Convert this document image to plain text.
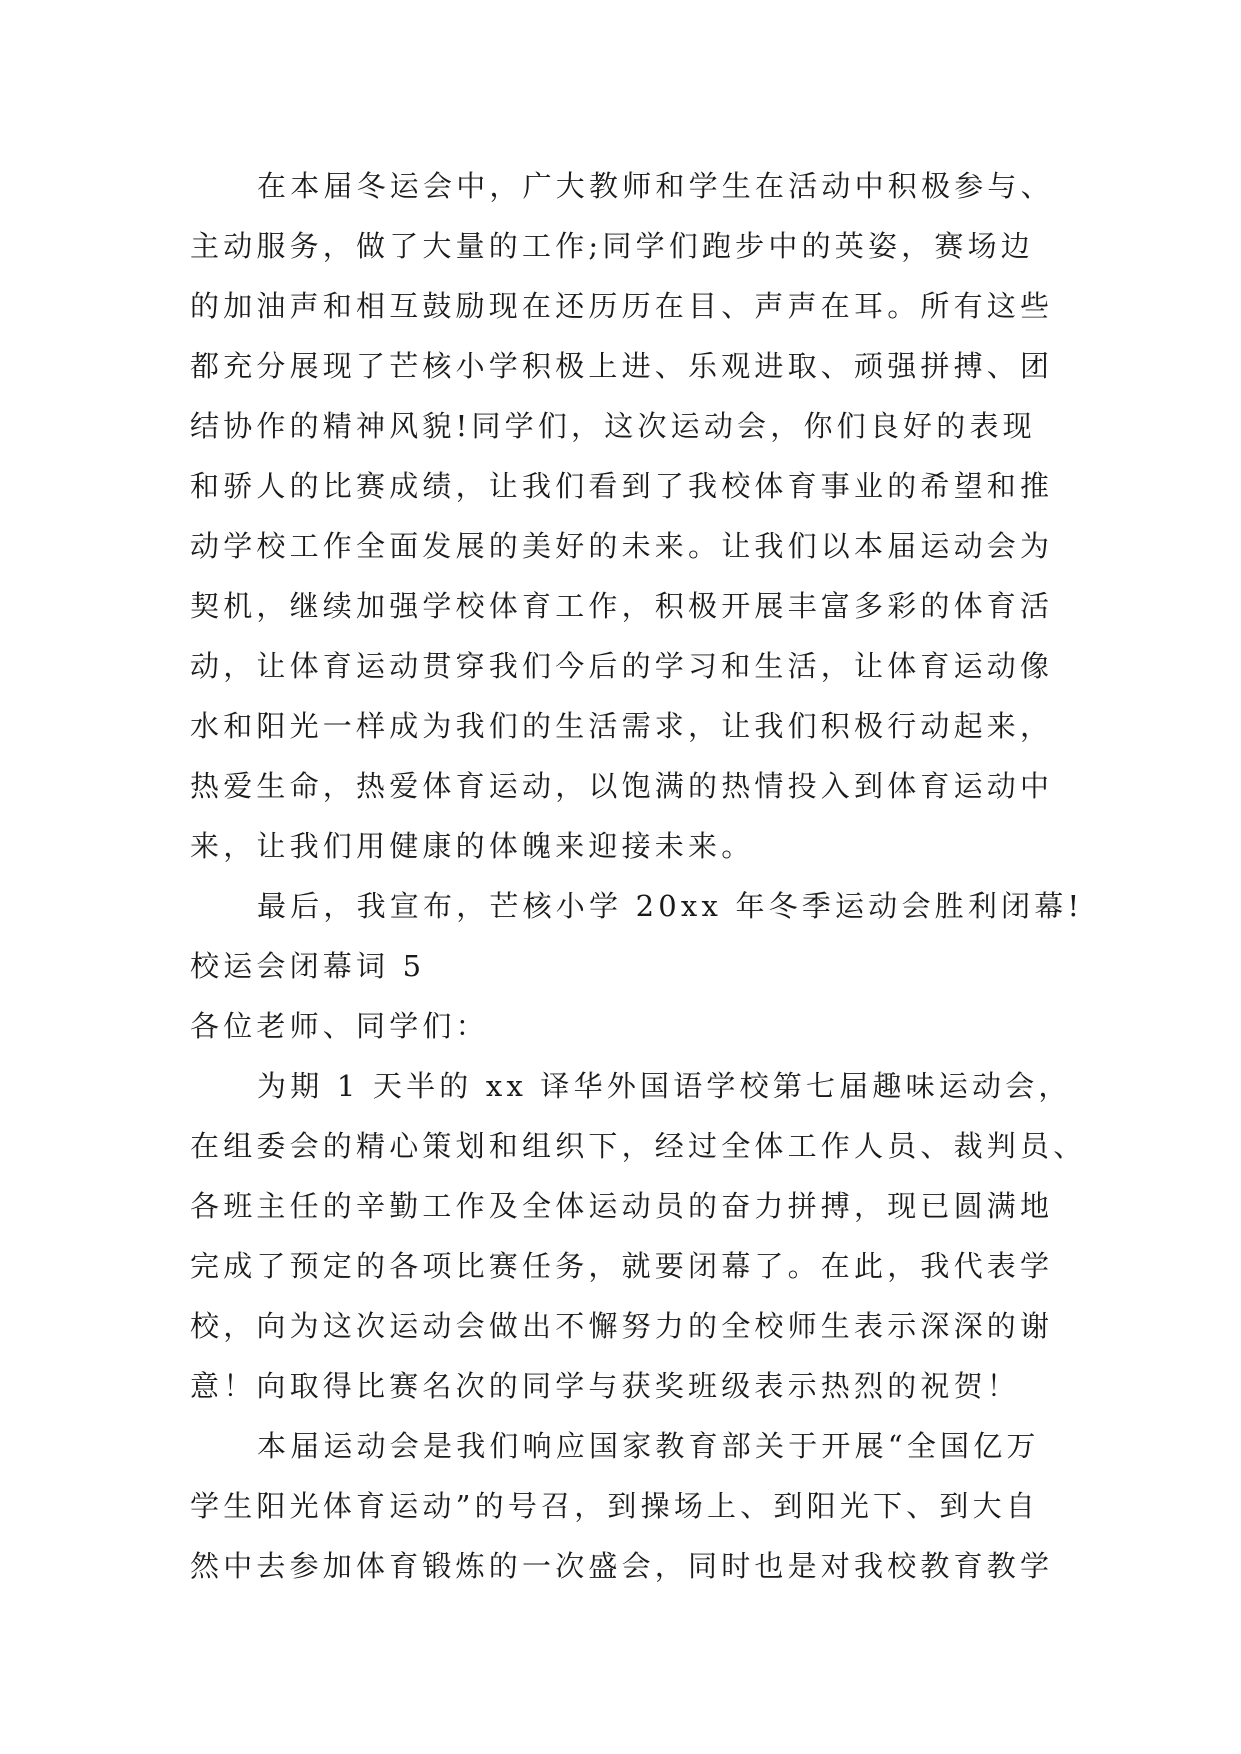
在本届冬运会中，广大教师和学生在活动中积极参与、
主动服务，做了大量的工作;同学们跑步中的英姿，赛场边
的加油声和相互鼓励现在还历历在目、声声在耳。所有这些
都充分展现了芒核小学积极上进、乐观进取、顽强拼搏、团
结协作的精神风貌!同学们，这次运动会，你们良好的表现
和骄人的比赛成绩，让我们看到了我校体育事业的希望和推
动学校工作全面发展的美好的未来。让我们以本届运动会为
契机，继续加强学校体育工作，积极开展丰富多彩的体育活
动，让体育运动贯穿我们今后的学习和生活，让体育运动像
水和阳光一样成为我们的生活需求，让我们积极行动起来，
热爱生命，热爱体育运动，以饱满的热情投入到体育运动中
来，让我们用健康的体魄来迎接未来。
最后，我宣布，芒核小学 20xx 年冬季运动会胜利闭幕!
校运会闭幕词 5
各位老师、同学们：
为期 1 天半的 xx 译华外国语学校第七届趣味运动会，
在组委会的精心策划和组织下，经过全体工作人员、裁判员、
各班主任的辛勤工作及全体运动员的奋力拼搏，现已圆满地
完成了预定的各项比赛任务，就要闭幕了。在此，我代表学
校，向为这次运动会做出不懈努力的全校师生表示深深的谢
意！向取得比赛名次的同学与获奖班级表示热烈的祝贺！
本届运动会是我们响应国家教育部关于开展“全国亿万
学生阳光体育运动”的号召，到操场上、到阳光下、到大自
然中去参加体育锻炼的一次盛会，同时也是对我校教育教学
